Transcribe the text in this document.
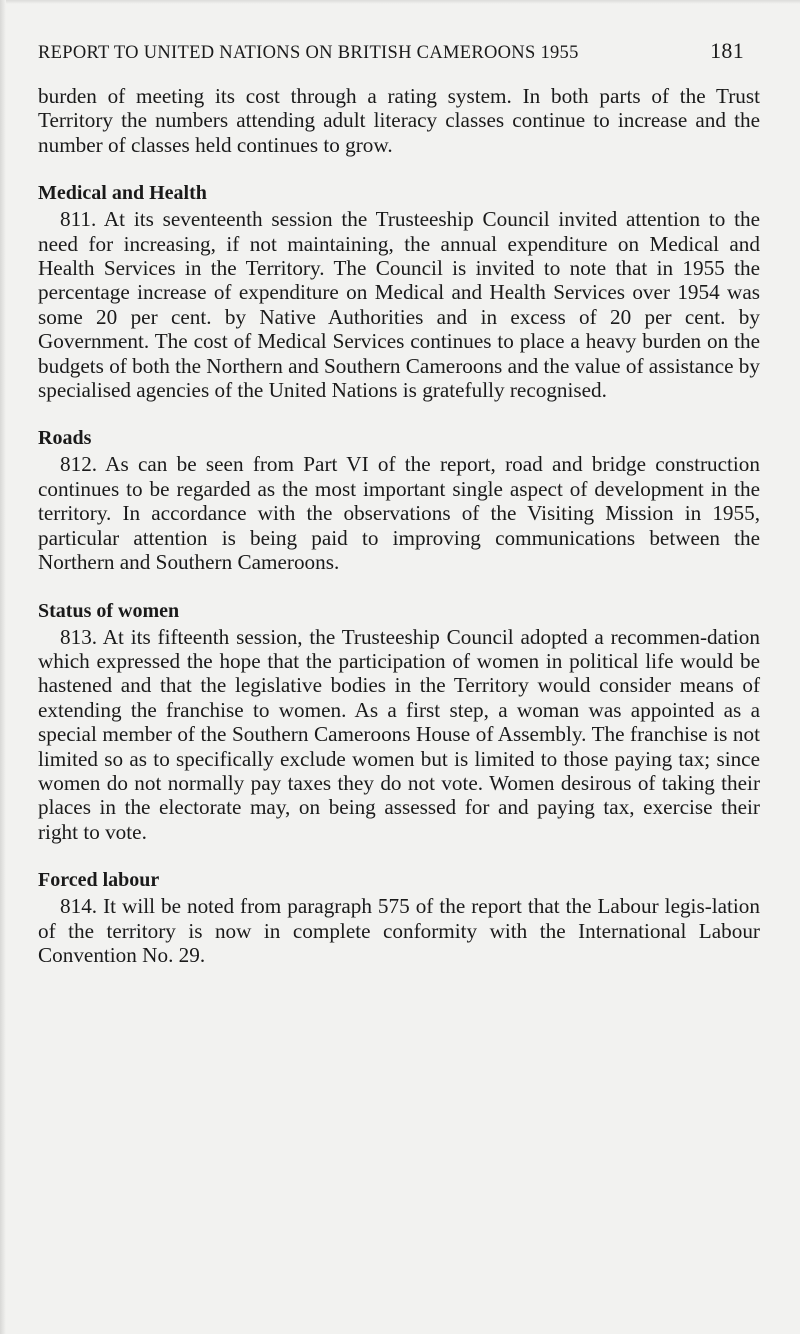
REPORT TO UNITED NATIONS ON BRITISH CAMEROONS 1955	181

burden of meeting its cost through a rating system. In both parts of the Trust Territory the numbers attending adult literacy classes continue to increase and the number of classes held continues to grow.

Medical and Health

811. At its seventeenth session the Trusteeship Council invited attention to the need for increasing, if not maintaining, the annual expenditure on Medical and Health Services in the Territory. The Council is invited to note that in 1955 the percentage increase of expenditure on Medical and Health Services over 1954 was some 20 per cent. by Native Authorities and in excess of 20 per cent. by Government. The cost of Medical Services continues to place a heavy burden on the budgets of both the Northern and Southern Cameroons and the value of assistance by specialised agencies of the United Nations is gratefully recognised.

Roads

812. As can be seen from Part VI of the report, road and bridge construction continues to be regarded as the most important single aspect of development in the territory. In accordance with the observations of the Visiting Mission in 1955, particular attention is being paid to improving communications between the Northern and Southern Cameroons.

Status of women

813. At its fifteenth session, the Trusteeship Council adopted a recommen-dation which expressed the hope that the participation of women in political life would be hastened and that the legislative bodies in the Territory would consider means of extending the franchise to women. As a first step, a woman was appointed as a special member of the Southern Cameroons House of Assembly. The franchise is not limited so as to specifically exclude women but is limited to those paying tax; since women do not normally pay taxes they do not vote. Women desirous of taking their places in the electorate may, on being assessed for and paying tax, exercise their right to vote.

Forced labour

814. It will be noted from paragraph 575 of the report that the Labour legis-lation of the territory is now in complete conformity with the International Labour Convention No. 29.
